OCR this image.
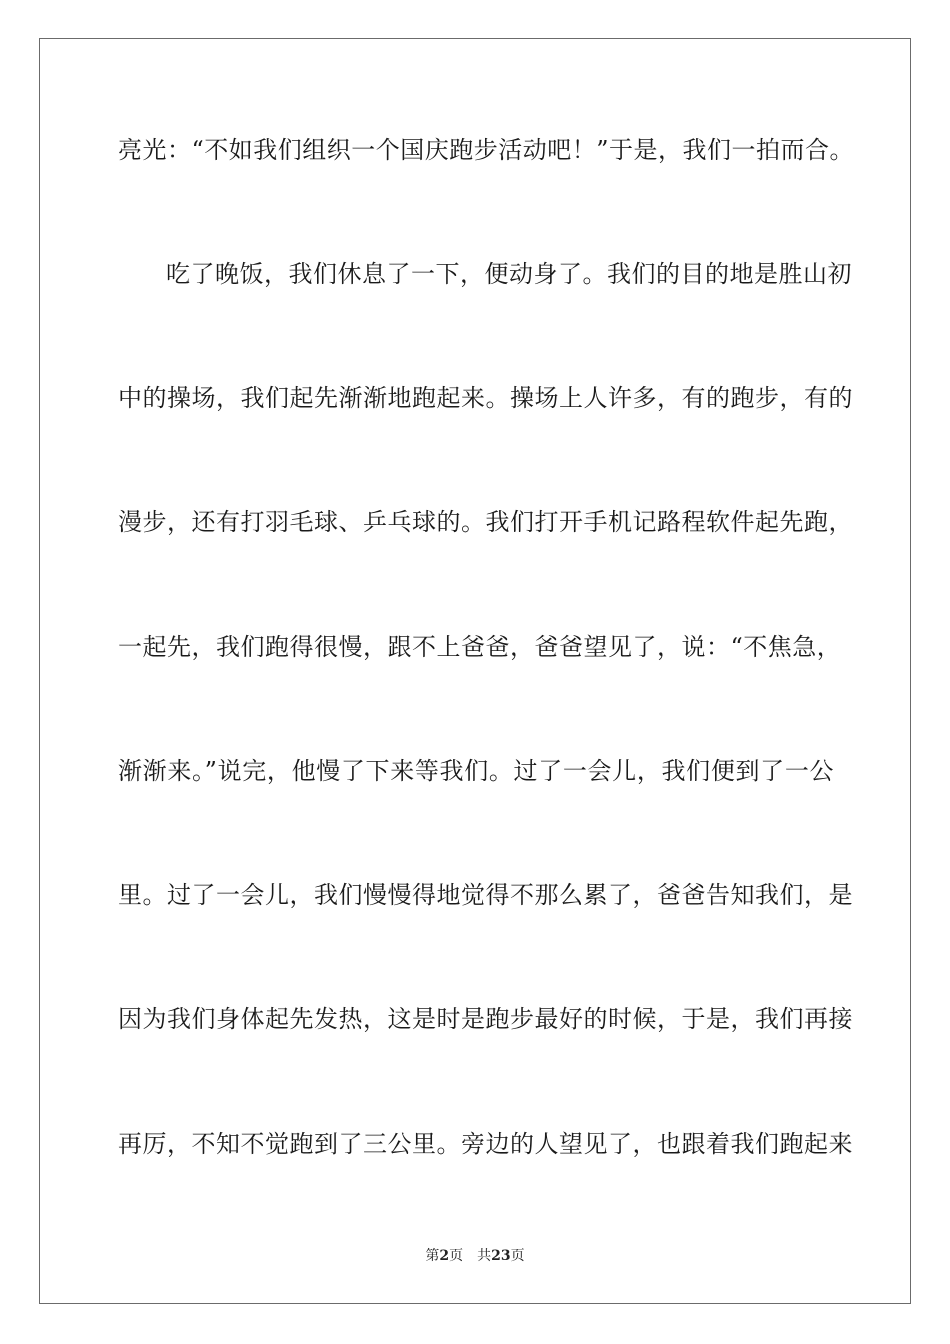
亮光：“不如我们组织一个国庆跑步活动吧！”于是，我们一拍而合。
吃了晚饭，我们休息了一下，便动身了。我们的目的地是胜山初
中的操场，我们起先渐渐地跑起来。操场上人许多，有的跑步，有的
漫步，还有打羽毛球、乒乓球的。我们打开手机记路程软件起先跑，
一起先，我们跑得很慢，跟不上爸爸，爸爸望见了，说：“不焦急，
渐渐来。”说完，他慢了下来等我们。过了一会儿，我们便到了一公
里。过了一会儿，我们慢慢得地觉得不那么累了，爸爸告知我们，是
因为我们身体起先发热，这是时是跑步最好的时候，于是，我们再接
再厉，不知不觉跑到了三公里。旁边的人望见了，也跟着我们跑起来
第2页 共23页
